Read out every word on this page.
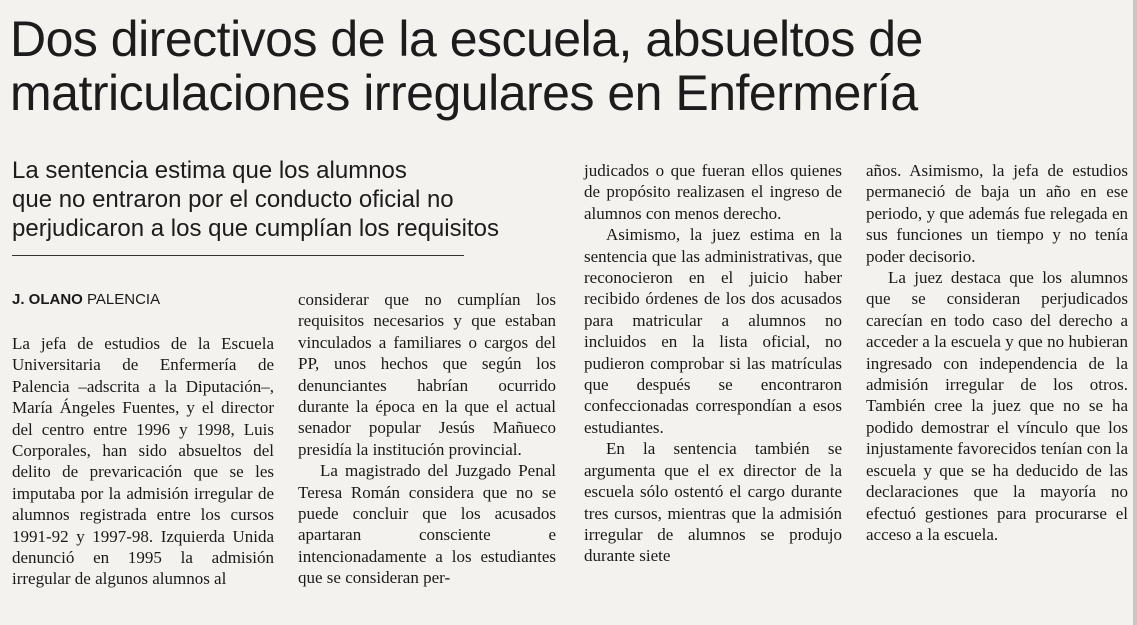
Dos directivos de la escuela, absueltos de
matriculaciones irregulares en Enfermería
La sentencia estima que los alumnos
que no entraron por el conducto oficial no
perjudicaron a los que cumplían los requisitos
J. OLANO PALENCIA

La jefa de estudios de la Escuela Universitaria de Enfermería de Palencia –adscrita a la Diputación–, María Ángeles Fuentes, y el director del centro entre 1996 y 1998, Luis Corporales, han sido absueltos del delito de prevaricación que se les imputaba por la admisión irregular de alumnos registrada entre los cursos 1991-92 y 1997-98. Izquierda Unida denunció en 1995 la admisión irregular de algunos alumnos al

considerar que no cumplían los requisitos necesarios y que estaban vinculados a familiares o cargos del PP, unos hechos que según los denunciantes habrían ocurrido durante la época en la que el actual senador popular Jesús Mañueco presidía la institución provincial.

La magistrado del Juzgado Penal Teresa Román considera que no se puede concluir que los acusados apartaran consciente e intencionadamente a los estudiantes que se consideran per-

judicados o que fueran ellos quienes de propósito realizasen el ingreso de alumnos con menos derecho.

Asimismo, la juez estima en la sentencia que las administrativas, que reconocieron en el juicio haber recibido órdenes de los dos acusados para matricular a alumnos no incluidos en la lista oficial, no pudieron comprobar si las matrículas que después se encontraron confeccionadas correspondían a esos estudiantes.

En la sentencia también se argumenta que el ex director de la escuela sólo ostentó el cargo durante tres cursos, mientras que la admisión irregular de alumnos se produjo durante siete

años. Asimismo, la jefa de estudios permaneció de baja un año en ese periodo, y que además fue relegada en sus funciones un tiempo y no tenía poder decisorio.

La juez destaca que los alumnos que se consideran perjudicados carecían en todo caso del derecho a acceder a la escuela y que no hubieran ingresado con independencia de la admisión irregular de los otros. También cree la juez que no se ha podido demostrar el vínculo que los injustamente favorecidos tenían con la escuela y que se ha deducido de las declaraciones que la mayoría no efectuó gestiones para procurarse el acceso a la escuela.
